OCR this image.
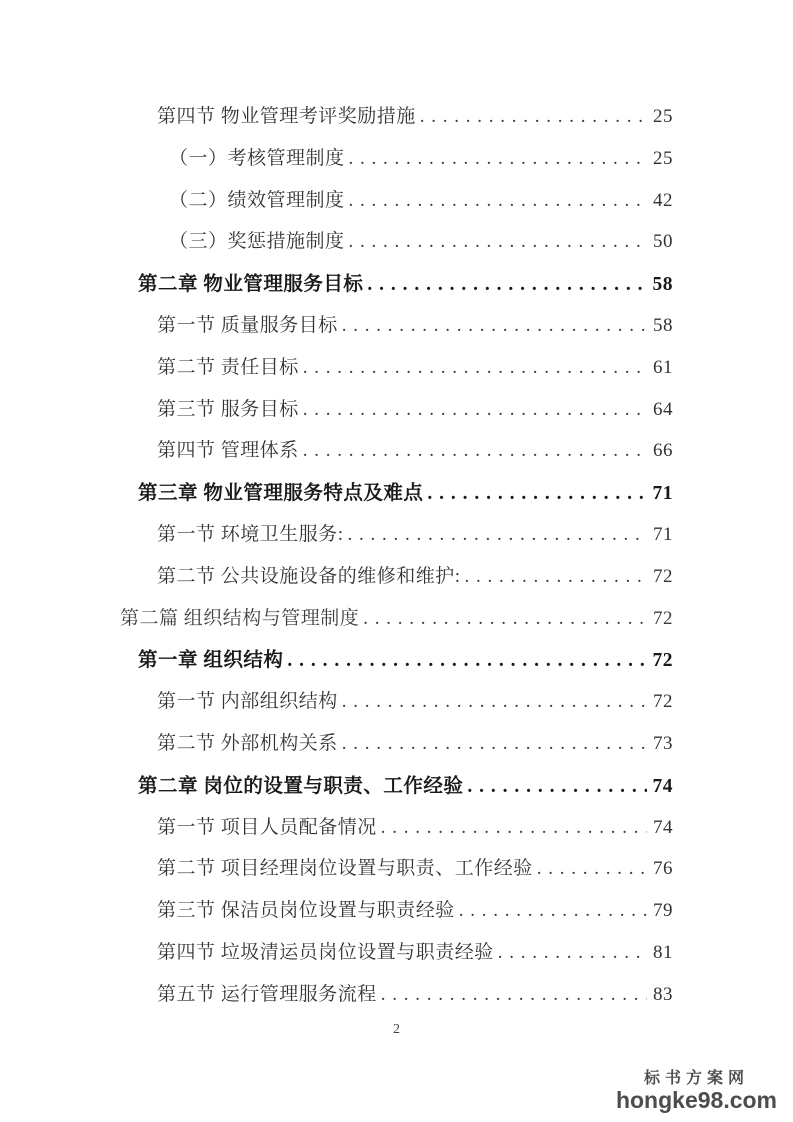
第四节 物业管理考评奖励措施 . . .	25
（一）考核管理制度 . . .	25
（二）绩效管理制度 . . .	42
（三）奖惩措施制度 . . .	50
第二章 物业管理服务目标 . . .	58
第一节 质量服务目标 . . .	58
第二节 责任目标 . . .	61
第三节 服务目标 . . .	64
第四节 管理体系 . . .	66
第三章 物业管理服务特点及难点 . . .	71
第一节 环境卫生服务: . . .	71
第二节 公共设施设备的维修和维护: . . .	72
第二篇 组织结构与管理制度 . . .	72
第一章 组织结构 . . .	72
第一节 内部组织结构 . . .	72
第二节 外部机构关系 . . .	73
第二章 岗位的设置与职责、工作经验 . . .	74
第一节 项目人员配备情况 . . .	74
第二节 项目经理岗位设置与职责、工作经验 . . .	76
第三节 保洁员岗位设置与职责经验 . . .	79
第四节 垃圾清运员岗位设置与职责经验 . . .	81
第五节 运行管理服务流程 . . .	83
2
标书方案网
hongke98.com
